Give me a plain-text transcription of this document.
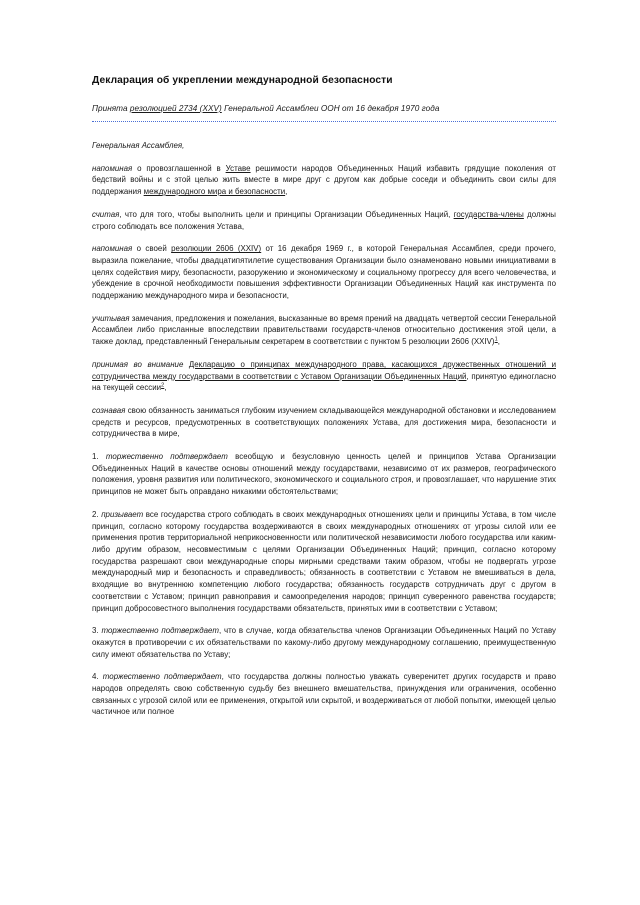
Декларация об укреплении международной безопасности
Принята резолюцией 2734 (XXV) Генеральной Ассамблеи ООН от 16 декабря 1970 года

Генеральная Ассамблея,

напоминая о провозглашенной в Уставе решимости народов Объединенных Наций избавить грядущие поколения от бедствий войны и с этой целью жить вместе в мире друг с другом как добрые соседи и объединить свои силы для поддержания международного мира и безопасности,

считая, что для того, чтобы выполнить цели и принципы Организации Объединенных Наций, государства-члены должны строго соблюдать все положения Устава,

напоминая о своей резолюции 2606 (XXIV) от 16 декабря 1969 г., в которой Генеральная Ассамблея, среди прочего, выразила пожелание, чтобы двадцатипятилетие существования Организации было ознаменовано новыми инициативами в целях содействия миру, безопасности, разоружению и экономическому и социальному прогрессу для всего человечества, и убеждение в срочной необходимости повышения эффективности Организации Объединенных Наций как инструмента по поддержанию международного мира и безопасности,

учитывая замечания, предложения и пожелания, высказанные во время прений на двадцать четвертой сессии Генеральной Ассамблеи либо присланные впоследствии правительствами государств-членов относительно достижения этой цели, а также доклад, представленный Генеральным секретарем в соответствии с пунктом 5 резолюции 2606 (XXIV)$^1$,

принимая во внимание Декларацию о принципах международного права, касающихся дружественных отношений и сотрудничества между государствами в соответствии с Уставом Организации Объединенных Наций, принятую единогласно на текущей сессии$^2$,

сознавая свою обязанность заниматься глубоким изучением складывающейся международной обстановки и исследованием средств и ресурсов, предусмотренных в соответствующих положениях Устава, для достижения мира, безопасности и сотрудничества в мире,

1. торжественно подтверждает всеобщую и безусловную ценность целей и принципов Устава Организации Объединенных Наций в качестве основы отношений между государствами, независимо от их размеров, географического положения, уровня развития или политического, экономического и социального строя, и провозглашает, что нарушение этих принципов не может быть оправдано никакими обстоятельствами;

2. призывает все государства строго соблюдать в своих международных отношениях цели и принципы Устава, в том числе принцип, согласно которому государства воздерживаются в своих международных отношениях от угрозы силой или ее применения против территориальной неприкосновенности или политической независимости любого государства или каким-либо другим образом, несовместимым с целями Организации Объединенных Наций; принцип, согласно которому государства разрешают свои международные споры мирными средствами таким образом, чтобы не подвергать угрозе международный мир и безопасность и справедливость; обязанность в соответствии с Уставом не вмешиваться в дела, входящие во внутреннюю компетенцию любого государства; обязанность государств сотрудничать друг с другом в соответствии с Уставом; принцип равноправия и самоопределения народов; принцип суверенного равенства государств; принцип добросовестного выполнения государствами обязательств, принятых ими в соответствии с Уставом;

3. торжественно подтверждает, что в случае, когда обязательства членов Организации Объединенных Наций по Уставу окажутся в противоречии с их обязательствами по какому-либо другому международному соглашению, преимущественную силу имеют обязательства по Уставу;

4. торжественно подтверждает, что государства должны полностью уважать суверенитет других государств и право народов определять свою собственную судьбу без внешнего вмешательства, принуждения или ограничения, особенно связанных с угрозой силой или ее применения, открытой или скрытой, и воздерживаться от любой попытки, имеющей целью частичное или полное
